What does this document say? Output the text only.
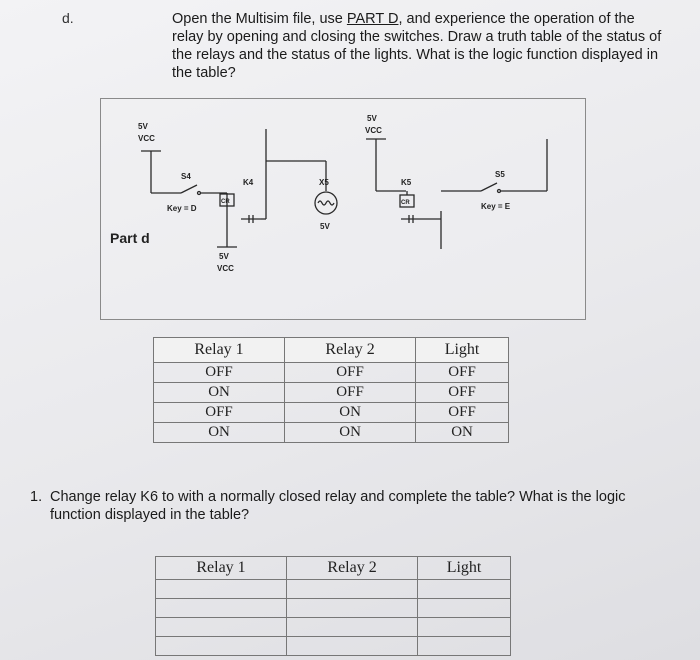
d.	Open the Multisim file, use PART D, and experience the operation of the relay by opening and closing the switches. Draw a truth table of the status of the relays and the status of the lights. What is the logic function displayed in the table?
5V
VCC
S4
Key = D
K4
CR
5V
VCC
X5
5V
5V
VCC
K5
CR
S5
Key = E
Part d
Relay 1	Relay 2	Light
OFF	OFF	OFF
ON	OFF	OFF
OFF	ON	OFF
ON	ON	ON
1. Change relay K6 to with a normally closed relay and complete the table? What is the logic function displayed in the table?
Relay 1	Relay 2	Light
